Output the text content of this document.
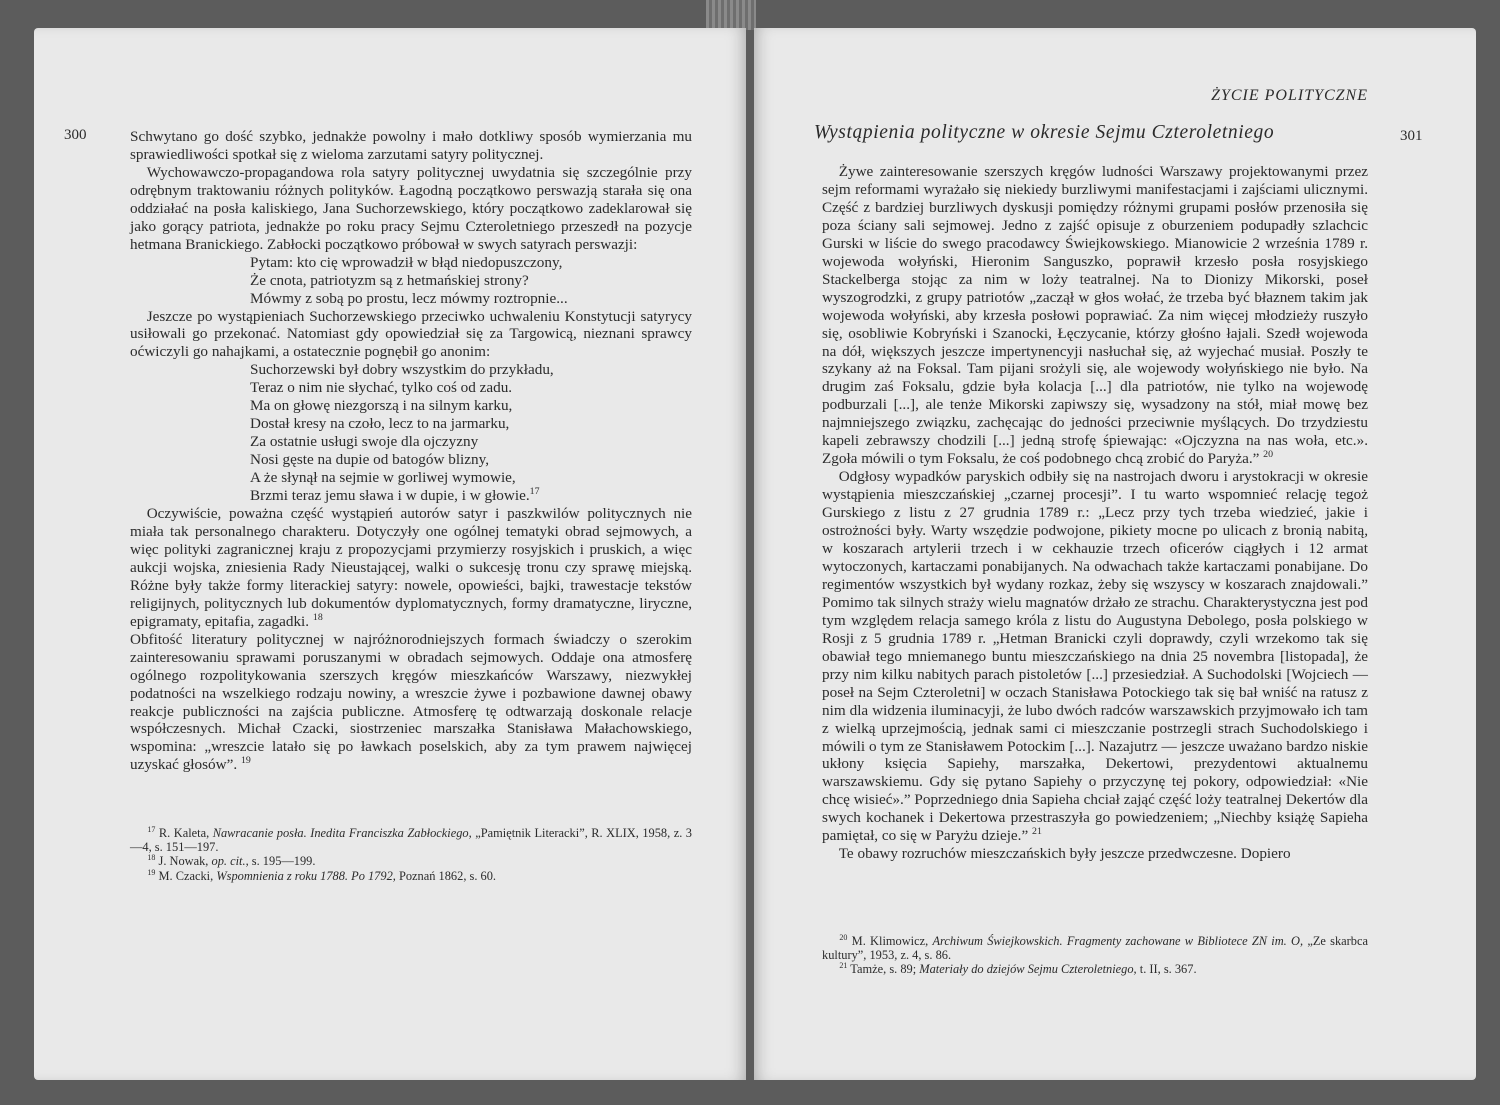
300	Schwytano go dość szybko, jednakże powolny i mało dotkliwy sposób wymierzania mu sprawiedliwości spotkał się z wieloma zarzutami satyry politycznej.

Wychowawczo-propagandowa rola satyry politycznej uwydatnia się szczególnie przy odrębnym traktowaniu różnych polityków. Łagodną początkowo perswazją starała się ona oddziałać na posła kaliskiego, Jana Suchorzewskiego, który początkowo zadeklarował się jako gorący patriota, jednakże po roku pracy Sejmu Czteroletniego przeszedł na pozycje hetmana Branickiego. Zabłocki początkowo próbował w swych satyrach perswazji:

Pytam: kto cię wprowadził w błąd niedopuszczony,
Że cnota, patriotyzm są z hetmańskiej strony?
Mówmy z sobą po prostu, lecz mówmy roztropnie...

Jeszcze po wystąpieniach Suchorzewskiego przeciwko uchwaleniu Konstytucji satyrycy usiłowali go przekonać. Natomiast gdy opowiedział się za Targowicą, nieznani sprawcy oćwiczyli go nahajkami, a ostatecznie pognębił go anonim:

Suchorzewski był dobry wszystkim do przykładu,
Teraz o nim nie słychać, tylko coś od zadu.
Ma on głowę niezgorszą i na silnym karku,
Dostał kresy na czoło, lecz to na jarmarku,
Za ostatnie usługi swoje dla ojczyzny
Nosi gęste na dupie od batogów blizny,
A że słynął na sejmie w gorliwej wymowie,
Brzmi teraz jemu sława i w dupie, i w głowie.$^{17}$

Oczywiście, poważna część wystąpień autorów satyr i paszkwilów politycznych nie miała tak personalnego charakteru. Dotyczyły one ogólnej tematyki obrad sejmowych, a więc polityki zagranicznej kraju z propozycjami przymierzy rosyjskich i pruskich, a więc aukcji wojska, zniesienia Rady Nieustającej, walki o sukcesję tronu czy sprawę miejską. Różne były także formy literackiej satyry: nowele, opowieści, bajki, trawestacje tekstów religijnych, politycznych lub dokumentów dyplomatycznych, formy dramatyczne, liryczne, epigramaty, epitafia, zagadki. $^{18}$

Obfitość literatury politycznej w najróżnorodniejszych formach świadczy o szerokim zainteresowaniu sprawami poruszanymi w obradach sejmowych. Oddaje ona atmosferę ogólnego rozpolitykowania szerszych kręgów mieszkańców Warszawy, niezwykłej podatności na wszelkiego rodzaju nowiny, a wreszcie żywe i pozbawione dawnej obawy reakcje publiczności na zajścia publiczne. Atmosferę tę odtwarzają doskonale relacje współczesnych. Michał Czacki, siostrzeniec marszałka Stanisława Małachowskiego, wspomina: „wreszcie latało się po ławkach poselskich, aby za tym prawem najwięcej uzyskać głosów”. $^{19}$

$^{17}$ R. Kaleta, Nawracanie posła. Inedita Franciszka Zabłockiego, „Pamiętnik Literacki”, R. XLIX, 1958, z. 3—4, s. 151—197.

$^{18}$ J. Nowak, op. cit., s. 195—199.

$^{19}$ M. Czacki, Wspomnienia z roku 1788. Po 1792, Poznań 1862, s. 60.

ŻYCIE POLITYCZNE
Wystąpienia polityczne w okresie Sejmu Czteroletniego	301

Żywe zainteresowanie szerszych kręgów ludności Warszawy projektowanymi przez sejm reformami wyrażało się niekiedy burzliwymi manifestacjami i zajściami ulicznymi. Część z bardziej burzliwych dyskusji pomiędzy różnymi grupami posłów przenosiła się poza ściany sali sejmowej. Jedno z zajść opisuje z oburzeniem podupadły szlachcic Gurski w liście do swego pracodawcy Świejkowskiego. Mianowicie 2 września 1789 r. wojewoda wołyński, Hieronim Sanguszko, poprawił krzesło posła rosyjskiego Stackelberga stojąc za nim w loży teatralnej. Na to Dionizy Mikorski, poseł wyszogrodzki, z grupy patriotów „zaczął w głos wołać, że trzeba być błaznem takim jak wojewoda wołyński, aby krzesła posłowi poprawiać. Za nim więcej młodzieży ruszyło się, osobliwie Kobryński i Szanocki, Łęczycanie, którzy głośno łajali. Szedł wojewoda na dół, większych jeszcze impertynencyji nasłuchał się, aż wyjechać musiał. Poszły te szykany aż na Foksal. Tam pijani srożyli się, ale wojewody wołyńskiego nie było. Na drugim zaś Foksalu, gdzie była kolacja [...] dla patriotów, nie tylko na wojewodę podburzali [...], ale tenże Mikorski zapiwszy się, wysadzony na stół, miał mowę bez najmniejszego związku, zachęcając do jedności przeciwnie myślących. Do trzydziestu kapeli zebrawszy chodzili [...] jedną strofę śpiewając: «Ojczyzna na nas woła, etc.». Zgoła mówili o tym Foksalu, że coś podobnego chcą zrobić do Paryża.” $^{20}$

Odgłosy wypadków paryskich odbiły się na nastrojach dworu i arystokracji w okresie wystąpienia mieszczańskiej „czarnej procesji”. I tu warto wspomnieć relację tegoż Gurskiego z listu z 27 grudnia 1789 r.: „Lecz przy tych trzeba wiedzieć, jakie i ostrożności były. Warty wszędzie podwojone, pikiety mocne po ulicach z bronią nabitą, w koszarach artylerii trzech i w cekhauzie trzech oficerów ciągłych i 12 armat wytoczonych, kartaczami ponabijanych. Na odwachach także kartaczami ponabijane. Do regimentów wszystkich był wydany rozkaz, żeby się wszyscy w koszarach znajdowali.” Pomimo tak silnych straży wielu magnatów drżało ze strachu. Charakterystyczna jest pod tym względem relacja samego króla z listu do Augustyna Debolego, posła polskiego w Rosji z 5 grudnia 1789 r. „Hetman Branicki czyli doprawdy, czyli wrzekomo tak się obawiał tego mniemanego buntu mieszczańskiego na dnia 25 novembra [listopada], że przy nim kilku nabitych parach pistoletów [...] przesiedział. A Suchodolski [Wojciech — poseł na Sejm Czteroletni] w oczach Stanisława Potockiego tak się bał wniść na ratusz z nim dla widzenia iluminacyji, że lubo dwóch radców warszawskich przyjmowało ich tam z wielką uprzejmością, jednak sami ci mieszczanie postrzegli strach Suchodolskiego i mówili o tym ze Stanisławem Potockim [...]. Nazajutrz — jeszcze uważano bardzo niskie ukłony księcia Sapiehy, marszałka, Dekertowi, prezydentowi aktualnemu warszawskiemu. Gdy się pytano Sapiehy o przyczynę tej pokory, odpowiedział: «Nie chcę wisieć».” Poprzedniego dnia Sapieha chciał zająć część loży teatralnej Dekertów dla swych kochanek i Dekertowa przestraszyła go powiedzeniem; „Niechby książę Sapieha pamiętał, co się w Paryżu dzieje.” $^{21}$

Te obawy rozruchów mieszczańskich były jeszcze przedwczesne. Dopiero

$^{20}$ M. Klimowicz, Archiwum Świejkowskich. Fragmenty zachowane w Bibliotece ZN im. O, „Ze skarbca kultury”, 1953, z. 4, s. 86.

$^{21}$ Tamże, s. 89; Materiały do dziejów Sejmu Czteroletniego, t. II, s. 367.
